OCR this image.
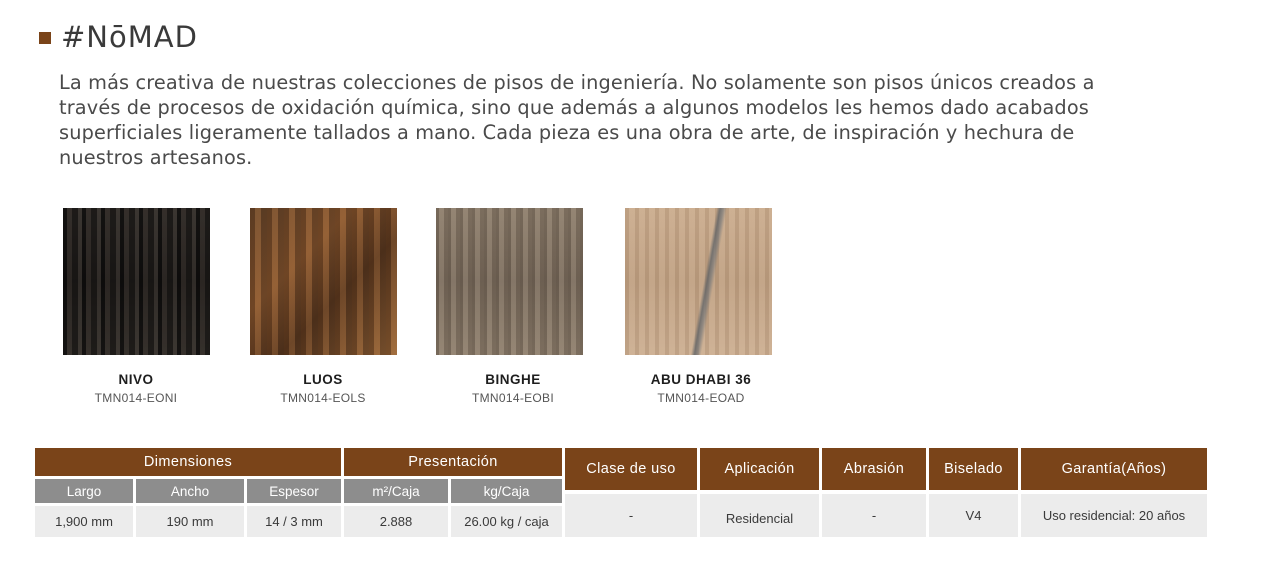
#NōMAD

La más creativa de nuestras colecciones de pisos de ingeniería. No solamente son pisos únicos creados a través de procesos de oxidación química, sino que además a algunos modelos les hemos dado acabados superficiales ligeramente tallados a mano. Cada pieza es una obra de arte, de inspiración y hechura de nuestros artesanos.

NIVO
TMN014-EONI
LUOS
TMN014-EOLS
BINGHE
TMN014-EOBI
ABU DHABI 36
TMN014-EOAD
Dimensiones	Presentación
Largo	Ancho	Espesor	m²/Caja	kg/Caja
Clase de uso	Aplicación	Abrasión	Biselado	Garantía(Años)
1,900 mm	190 mm	14 / 3 mm	2.888	26.00 kg / caja	-	Residencial	-	V4	Uso residencial: 20 años
